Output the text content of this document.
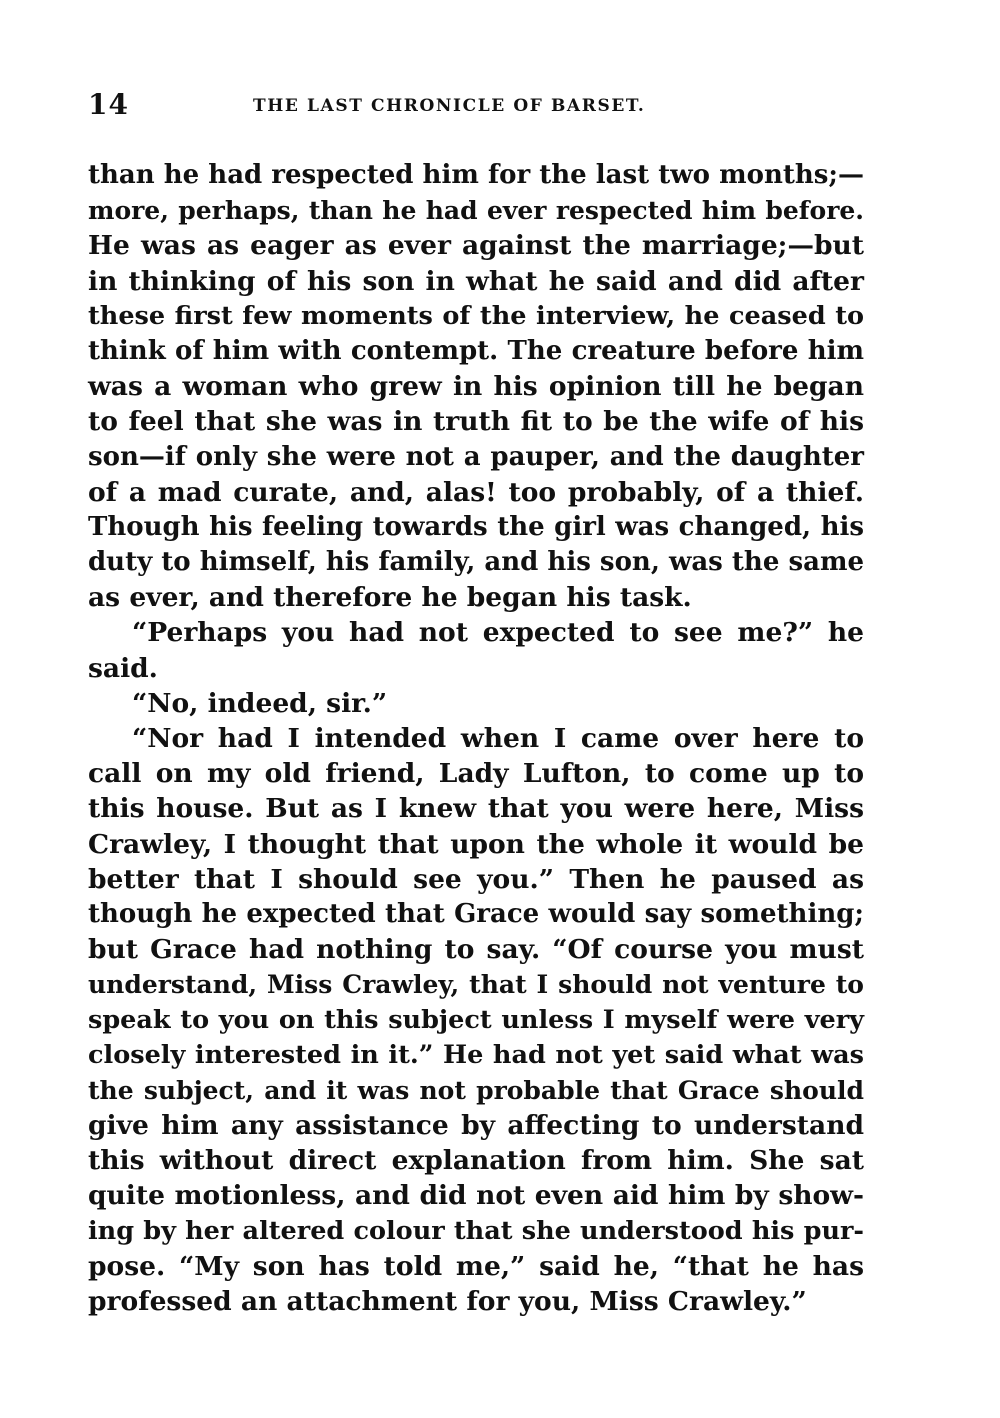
14	THE LAST CHRONICLE OF BARSET.
than he had respected him for the last two months;—
more, perhaps, than he had ever respected him before.
He was as eager as ever against the marriage;—but
in thinking of his son in what he said and did after
these first few moments of the interview, he ceased to
think of him with contempt. The creature before him
was a woman who grew in his opinion till he began
to feel that she was in truth fit to be the wife of his
son—if only she were not a pauper, and the daughter
of a mad curate, and, alas! too probably, of a thief.
Though his feeling towards the girl was changed, his
duty to himself, his family, and his son, was the same
as ever, and therefore he began his task.
“Perhaps you had not expected to see me?” he
said.
“No, indeed, sir.”
“Nor had I intended when I came over here to
call on my old friend, Lady Lufton, to come up to
this house. But as I knew that you were here, Miss
Crawley, I thought that upon the whole it would be
better that I should see you.” Then he paused as
though he expected that Grace would say something;
but Grace had nothing to say. “Of course you must
understand, Miss Crawley, that I should not venture to
speak to you on this subject unless I myself were very
closely interested in it.” He had not yet said what was
the subject, and it was not probable that Grace should
give him any assistance by affecting to understand
this without direct explanation from him. She sat
quite motionless, and did not even aid him by show-
ing by her altered colour that she understood his pur-
pose. “My son has told me,” said he, “that he has
professed an attachment for you, Miss Crawley.”
